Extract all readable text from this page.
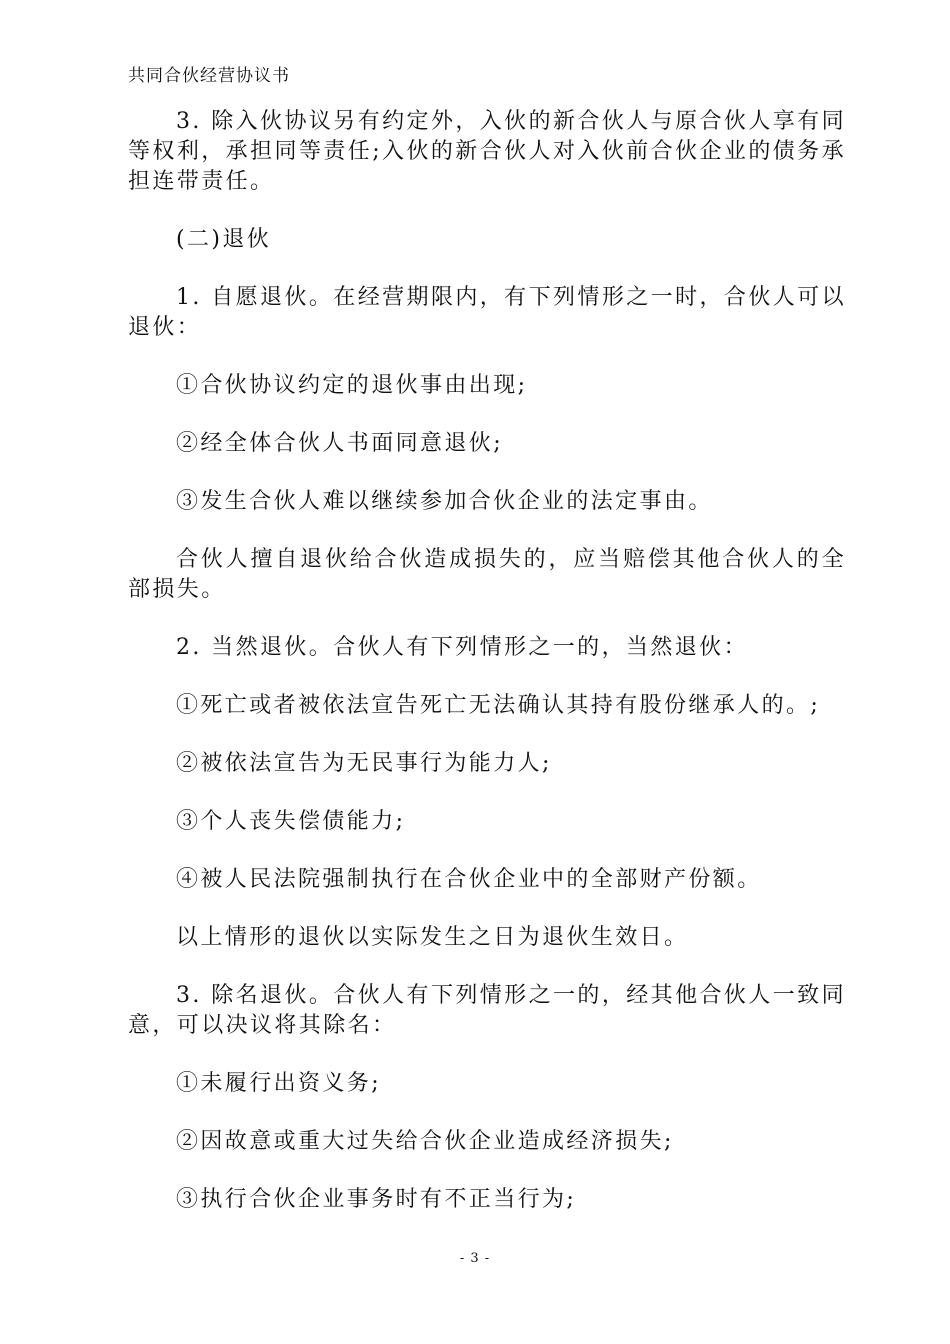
共同合伙经营协议书

3. 除入伙协议另有约定外，入伙的新合伙人与原合伙人享有同等权利，承担同等责任;入伙的新合伙人对入伙前合伙企业的债务承担连带责任。

(二)退伙

1. 自愿退伙。在经营期限内，有下列情形之一时，合伙人可以退伙：

①合伙协议约定的退伙事由出现;

②经全体合伙人书面同意退伙;

③发生合伙人难以继续参加合伙企业的法定事由。

合伙人擅自退伙给合伙造成损失的，应当赔偿其他合伙人的全部损失。

2. 当然退伙。合伙人有下列情形之一的，当然退伙：

①死亡或者被依法宣告死亡无法确认其持有股份继承人的。;

②被依法宣告为无民事行为能力人;

③个人丧失偿债能力;

④被人民法院强制执行在合伙企业中的全部财产份额。

以上情形的退伙以实际发生之日为退伙生效日。

3. 除名退伙。合伙人有下列情形之一的，经其他合伙人一致同意，可以决议将其除名：

①未履行出资义务;

②因故意或重大过失给合伙企业造成经济损失;

③执行合伙企业事务时有不正当行为;

- 3 -
